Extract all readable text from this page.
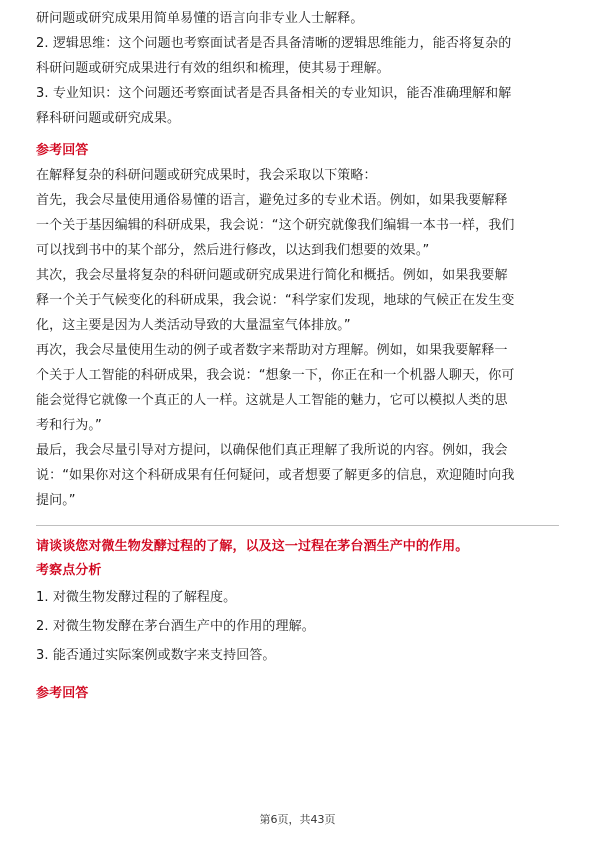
研问题或研究成果用简单易懂的语言向非专业人士解释。

2. 逻辑思维：这个问题也考察面试者是否具备清晰的逻辑思维能力，能否将复杂的

科研问题或研究成果进行有效的组织和梳理，使其易于理解。

3. 专业知识：这个问题还考察面试者是否具备相关的专业知识，能否准确理解和解

释科研问题或研究成果。

参考回答

在解释复杂的科研问题或研究成果时，我会采取以下策略：

首先，我会尽量使用通俗易懂的语言，避免过多的专业术语。例如，如果我要解释

一个关于基因编辑的科研成果，我会说：“这个研究就像我们编辑一本书一样，我们

可以找到书中的某个部分，然后进行修改，以达到我们想要的效果。”

其次，我会尽量将复杂的科研问题或研究成果进行简化和概括。例如，如果我要解

释一个关于气候变化的科研成果，我会说：“科学家们发现，地球的气候正在发生变

化，这主要是因为人类活动导致的大量温室气体排放。”

再次，我会尽量使用生动的例子或者数字来帮助对方理解。例如，如果我要解释一

个关于人工智能的科研成果，我会说：“想象一下，你正在和一个机器人聊天，你可

能会觉得它就像一个真正的人一样。这就是人工智能的魅力，它可以模拟人类的思

考和行为。”

最后，我会尽量引导对方提问，以确保他们真正理解了我所说的内容。例如，我会

说：“如果你对这个科研成果有任何疑问，或者想要了解更多的信息，欢迎随时向我

提问。”

请谈谈您对微生物发酵过程的了解，以及这一过程在茅台酒生产中的作用。

考察点分析

1. 对微生物发酵过程的了解程度。

2. 对微生物发酵在茅台酒生产中的作用的理解。

3. 能否通过实际案例或数字来支持回答。

参考回答

第6页，共43页
